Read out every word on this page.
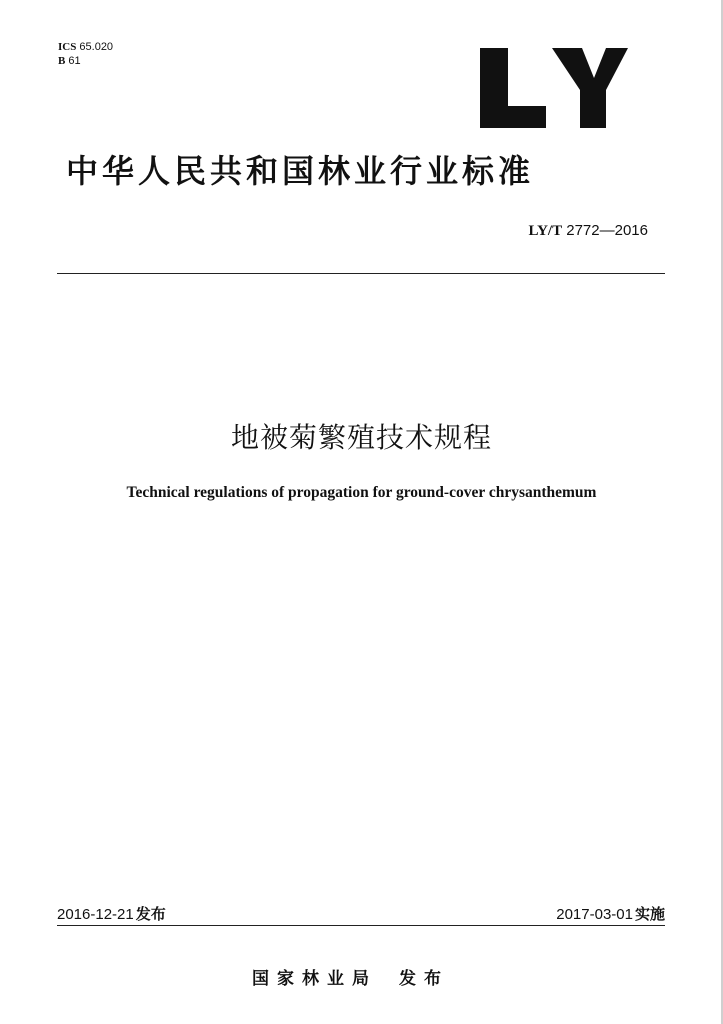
ICS 65.020
B 61
中华人民共和国林业行业标准
LY/T 2772—2016
地被菊繁殖技术规程
Technical regulations of propagation for ground-cover chrysanthemum
2016-12-21 发布	2017-03-01 实施
国家林业局 发布
